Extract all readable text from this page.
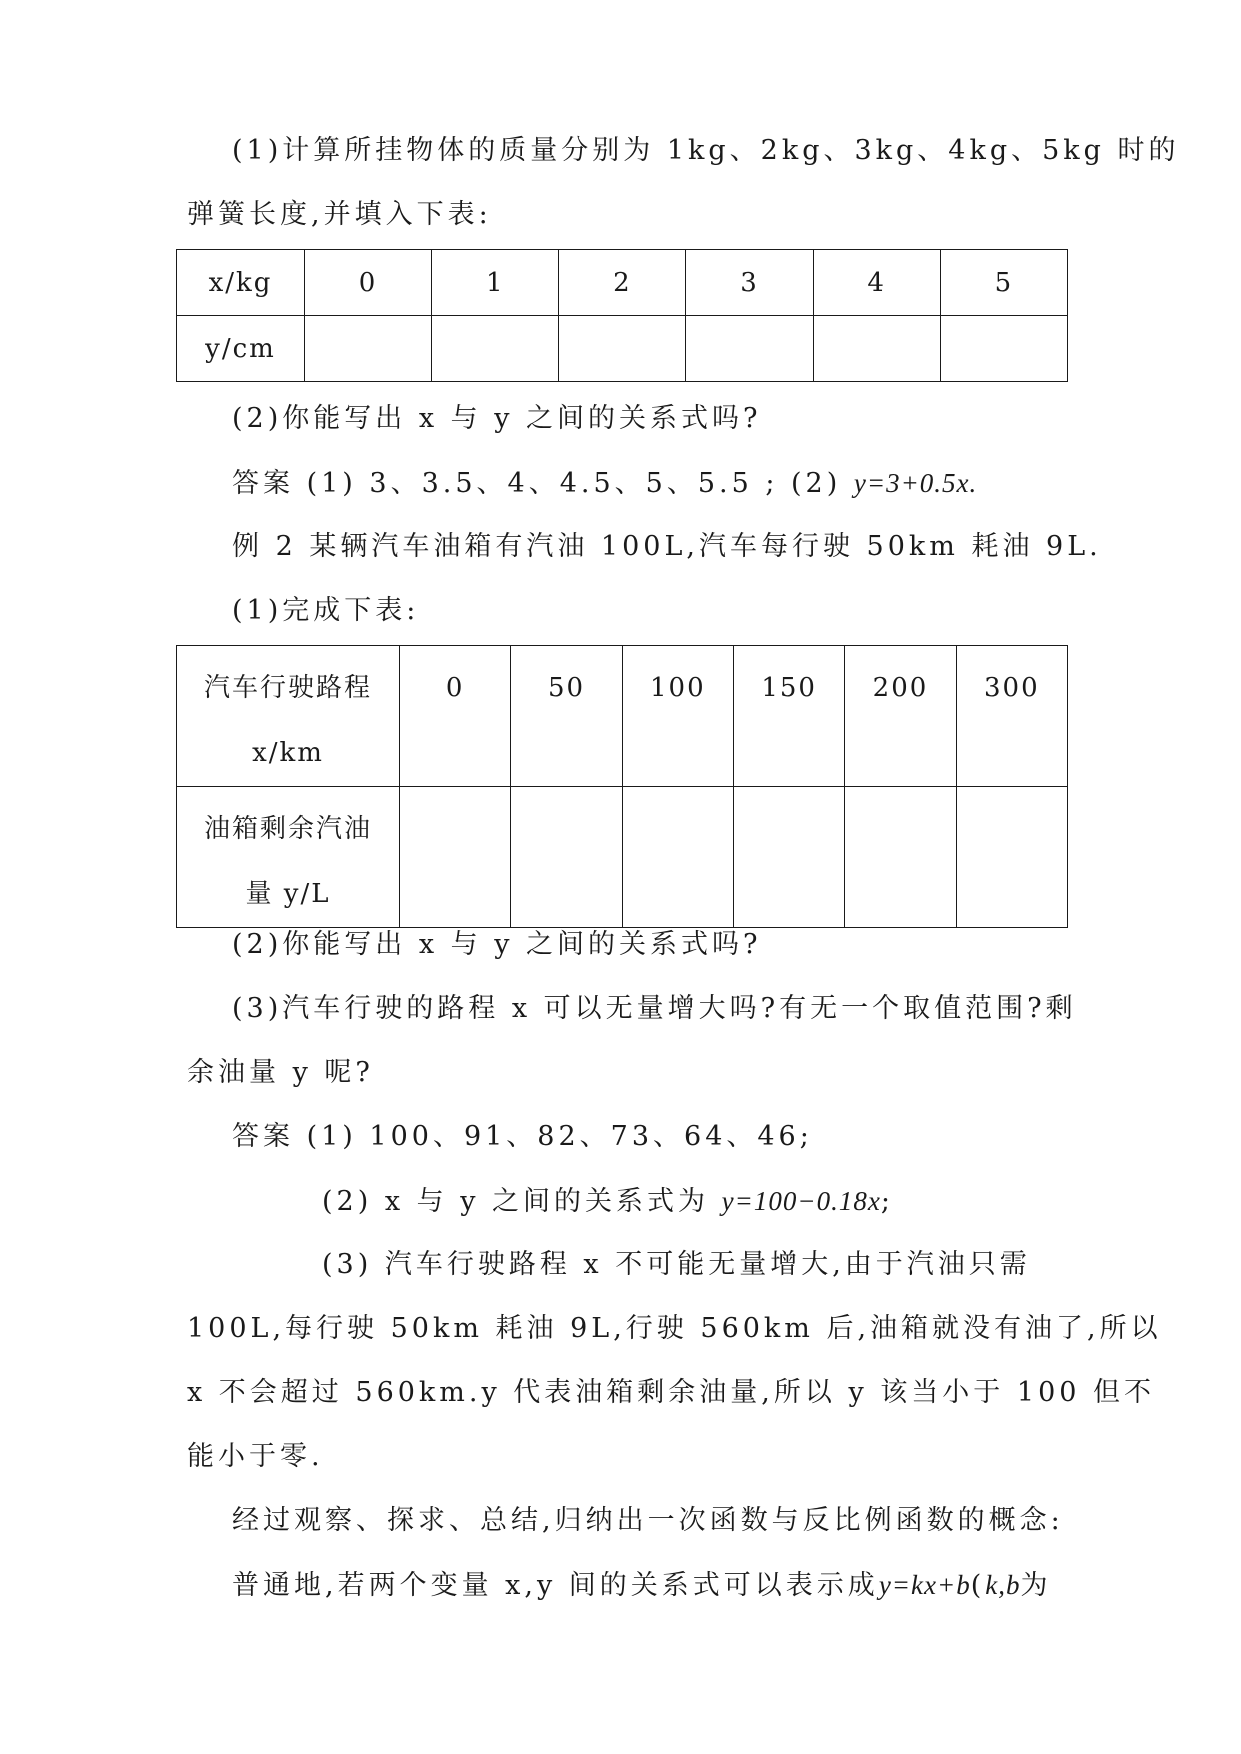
(1)计算所挂物体的质量分别为 1kg、2kg、3kg、4kg、5kg 时的
弹簧长度,并填入下表:
x/kg	0	1	2	3	4	5
y/cm						
(2)你能写出 x 与 y 之间的关系式吗?
答案 (1) 3、3.5、4、4.5、5、5.5 ; (2) y=3+0.5x.
例 2 某辆汽车油箱有汽油 100L,汽车每行驶 50km 耗油 9L.
(1)完成下表:
汽车行驶路程
x/km	0	50	100	150	200	300

油箱剩余汽油
量 y/L						

(2)你能写出 x 与 y 之间的关系式吗?
(3)汽车行驶的路程 x 可以无量增大吗?有无一个取值范围?剩
余油量 y 呢?
答案 (1) 100、91、82、73、64、46;
(2) x 与 y 之间的关系式为 y=100−0.18x;
(3) 汽车行驶路程 x 不可能无量增大,由于汽油只需
100L,每行驶 50km 耗油 9L,行驶 560km 后,油箱就没有油了,所以
x 不会超过 560km.y 代表油箱剩余油量,所以 y 该当小于 100 但不
能小于零.
经过观察、探求、总结,归纳出一次函数与反比例函数的概念:
普通地,若两个变量 x,y 间的关系式可以表示成y=kx+b(k,b为
